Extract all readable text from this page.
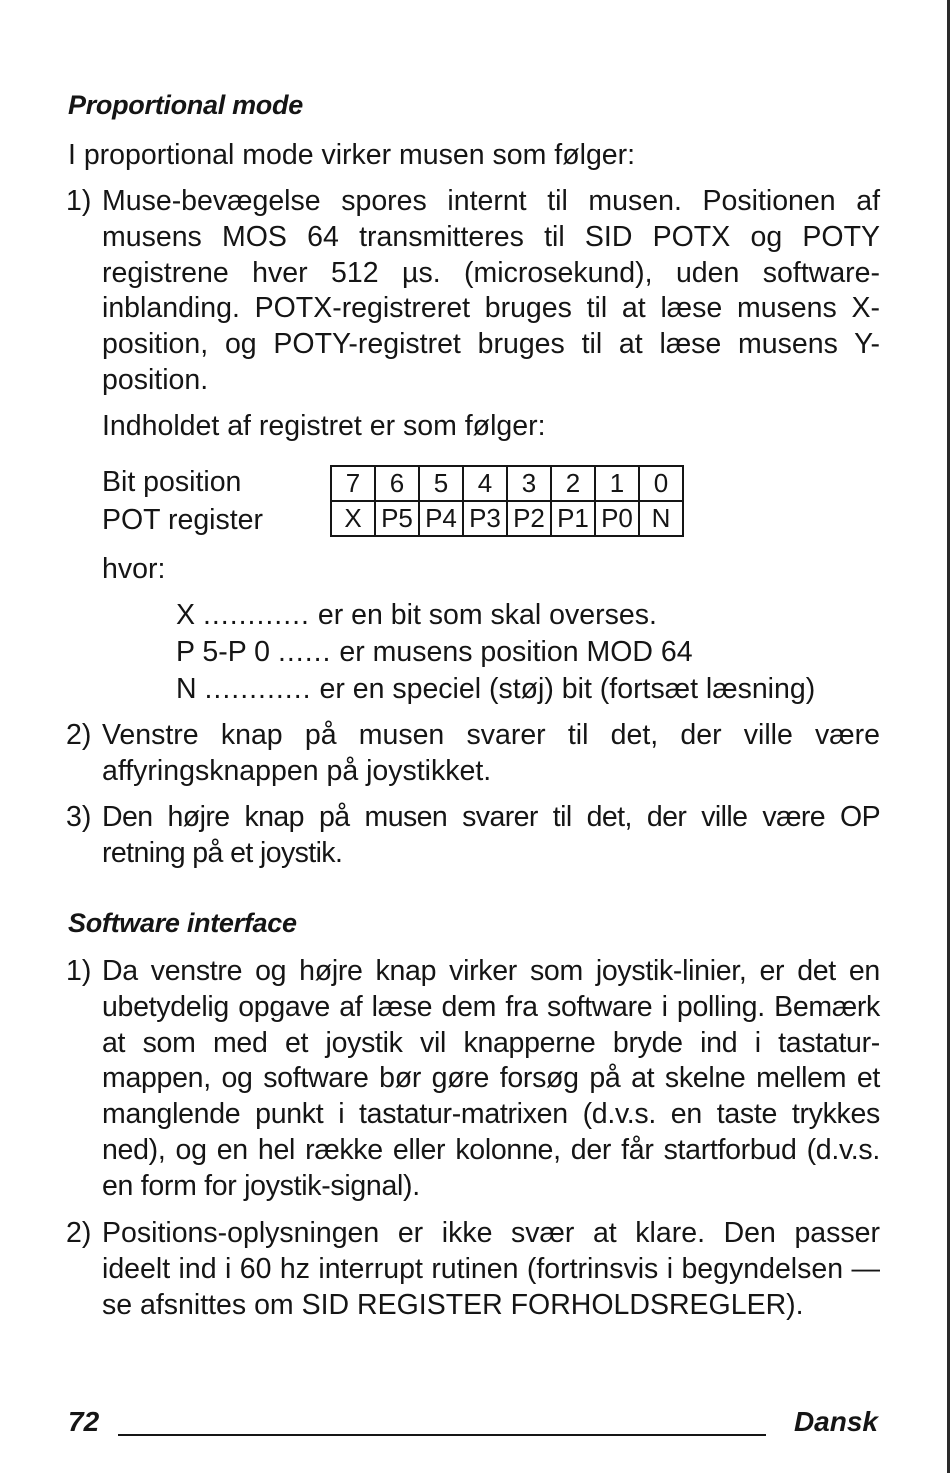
Proportional mode
I proportional mode virker musen som følger:
1) Muse-bevægelse spores internt til musen. Positionen af musens MOS 64 transmitteres til SID POTX og POTY registrene hver 512 µs. (microsekund), uden software-inblanding. POTX-registreret bruges til at læse musens X-position, og POTY-registret bruges til at læse musens Y-position.
Indholdet af registret er som følger:
Bit position
POT register
7	6	5	4	3	2	1	0
X	P5	P4	P3	P2	P1	P0	N
hvor:
X ............ er en bit som skal overses.
P 5-P 0 ...... er musens position MOD 64
N ............ er en speciel (støj) bit (fortsæt læsning)
2) Venstre knap på musen svarer til det, der ville være affyringsknappen på joystikket.
3) Den højre knap på musen svarer til det, der ville være OP retning på et joystik.
Software interface
1) Da venstre og højre knap virker som joystik-linier, er det en ubetydelig opgave af læse dem fra software i polling. Bemærk at som med et joystik vil knapperne bryde ind i tastatur-mappen, og software bør gøre forsøg på at skelne mellem et manglende punkt i tastatur-matrixen (d.v.s. en taste trykkes ned), og en hel række eller kolonne, der får startforbud (d.v.s. en form for joystik-signal).
2) Positions-oplysningen er ikke svær at klare. Den passer ideelt ind i 60 hz interrupt rutinen (fortrinsvis i begyndelsen — se afsnittes om SID REGISTER FORHOLDSREGLER).
72	Dansk
